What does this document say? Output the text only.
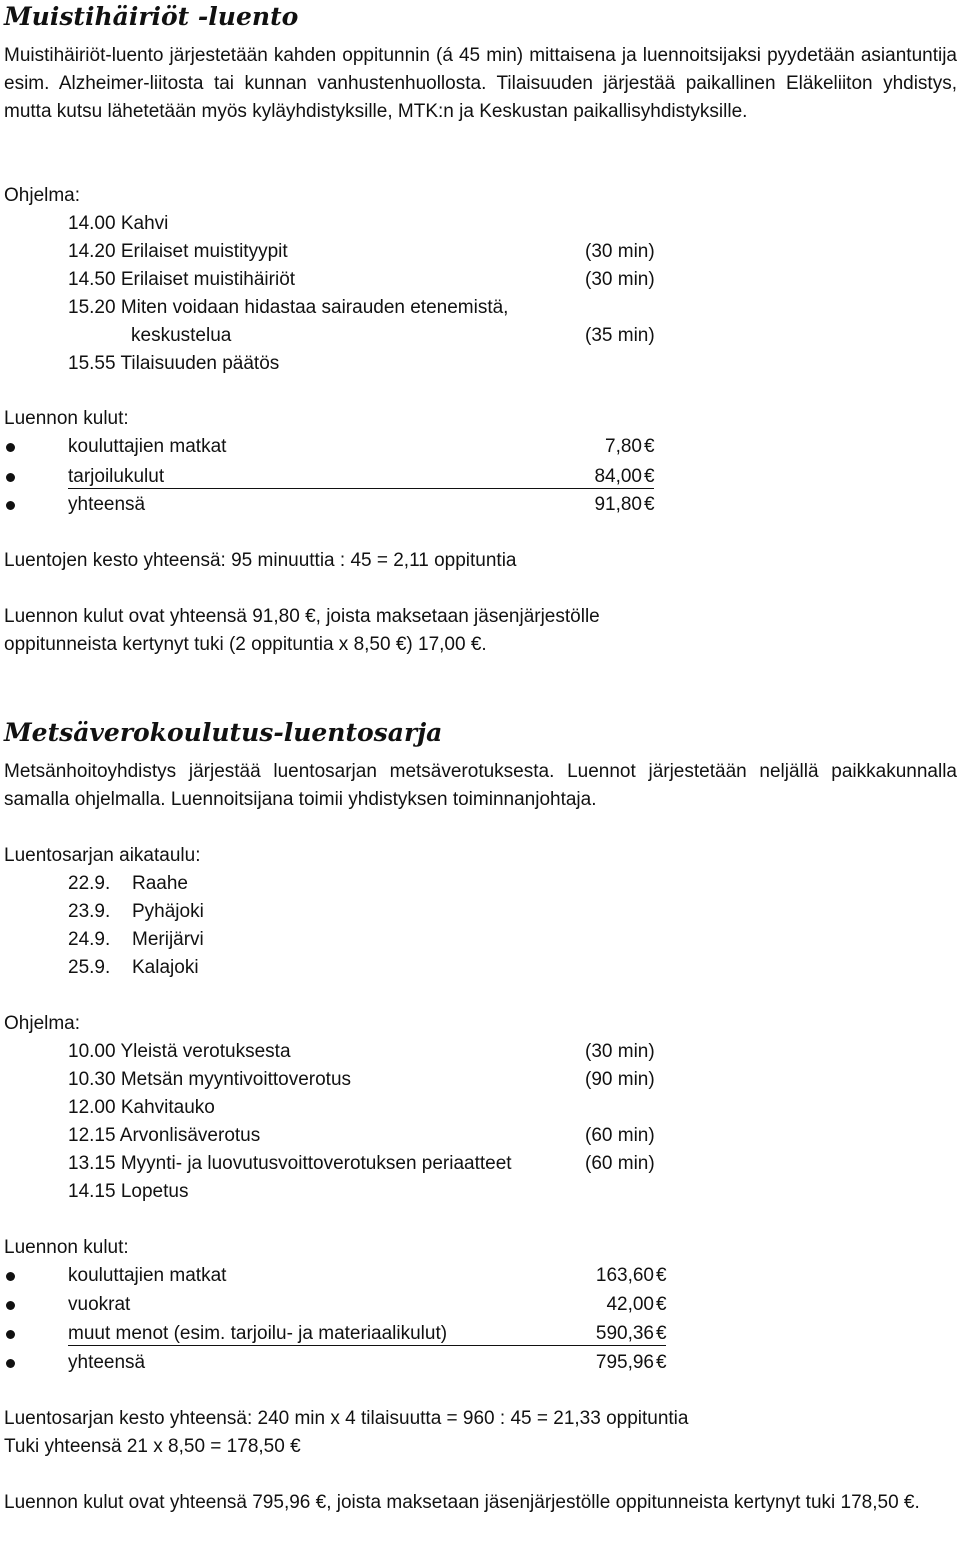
Muistihäiriöt -luento

Muistihäiriöt-luento järjestetään kahden oppitunnin (á 45 min) mittaisena ja luennoitsijaksi pyydetään asiantuntija esim. Alzheimer-liitosta tai kunnan vanhustenhuollosta. Tilaisuuden järjestää paikallinen Eläkeliiton yhdistys, mutta kutsu lähetetään myös kyläyhdistyksille, MTK:n ja Keskustan paikallisyhdistyksille.

Ohjelma:
14.00 Kahvi
14.20 Erilaiset muistityypit	(30 min)
14.50 Erilaiset muistihäiriöt	(30 min)
15.20 Miten voidaan hidastaa sairauden etenemistä,
keskustelua	(35 min)
15.55 Tilaisuuden päätös
Luennon kulut:
kouluttajien matkat	7,80 €
tarjoilukulut	84,00 €
yhteensä	91,80 €
Luentojen kesto yhteensä: 95 minuuttia : 45 = 2,11 oppituntia

Luennon kulut ovat yhteensä 91,80 €, joista maksetaan jäsenjärjestölle oppitunneista kertynyt tuki (2 oppituntia x 8,50 €) 17,00 €.

Metsäverokoulutus-luentosarja

Metsänhoitoyhdistys järjestää luentosarjan metsäverotuksesta. Luennot järjestetään neljällä paikkakunnalla samalla ohjelmalla. Luennoitsijana toimii yhdistyksen toiminnanjohtaja.

Luentosarjan aikataulu:
22.9. Raahe
23.9. Pyhäjoki
24.9. Merijärvi
25.9. Kalajoki
Ohjelma:
10.00 Yleistä verotuksesta	(30 min)
10.30 Metsän myyntivoittoverotus	(90 min)
12.00 Kahvitauko
12.15 Arvonlisäverotus	(60 min)
13.15 Myynti- ja luovutusvoittoverotuksen periaatteet	(60 min)
14.15 Lopetus
Luennon kulut:
kouluttajien matkat	163,60 €
vuokrat	42,00 €
muut menot (esim. tarjoilu- ja materiaalikulut)	590,36 €
yhteensä	795,96 €
Luentosarjan kesto yhteensä: 240 min x 4 tilaisuutta = 960 : 45 = 21,33 oppituntia
Tuki yhteensä 21 x 8,50 = 178,50 €

Luennon kulut ovat yhteensä 795,96 €, joista maksetaan jäsenjärjestölle oppitunneista kertynyt tuki 178,50 €.
